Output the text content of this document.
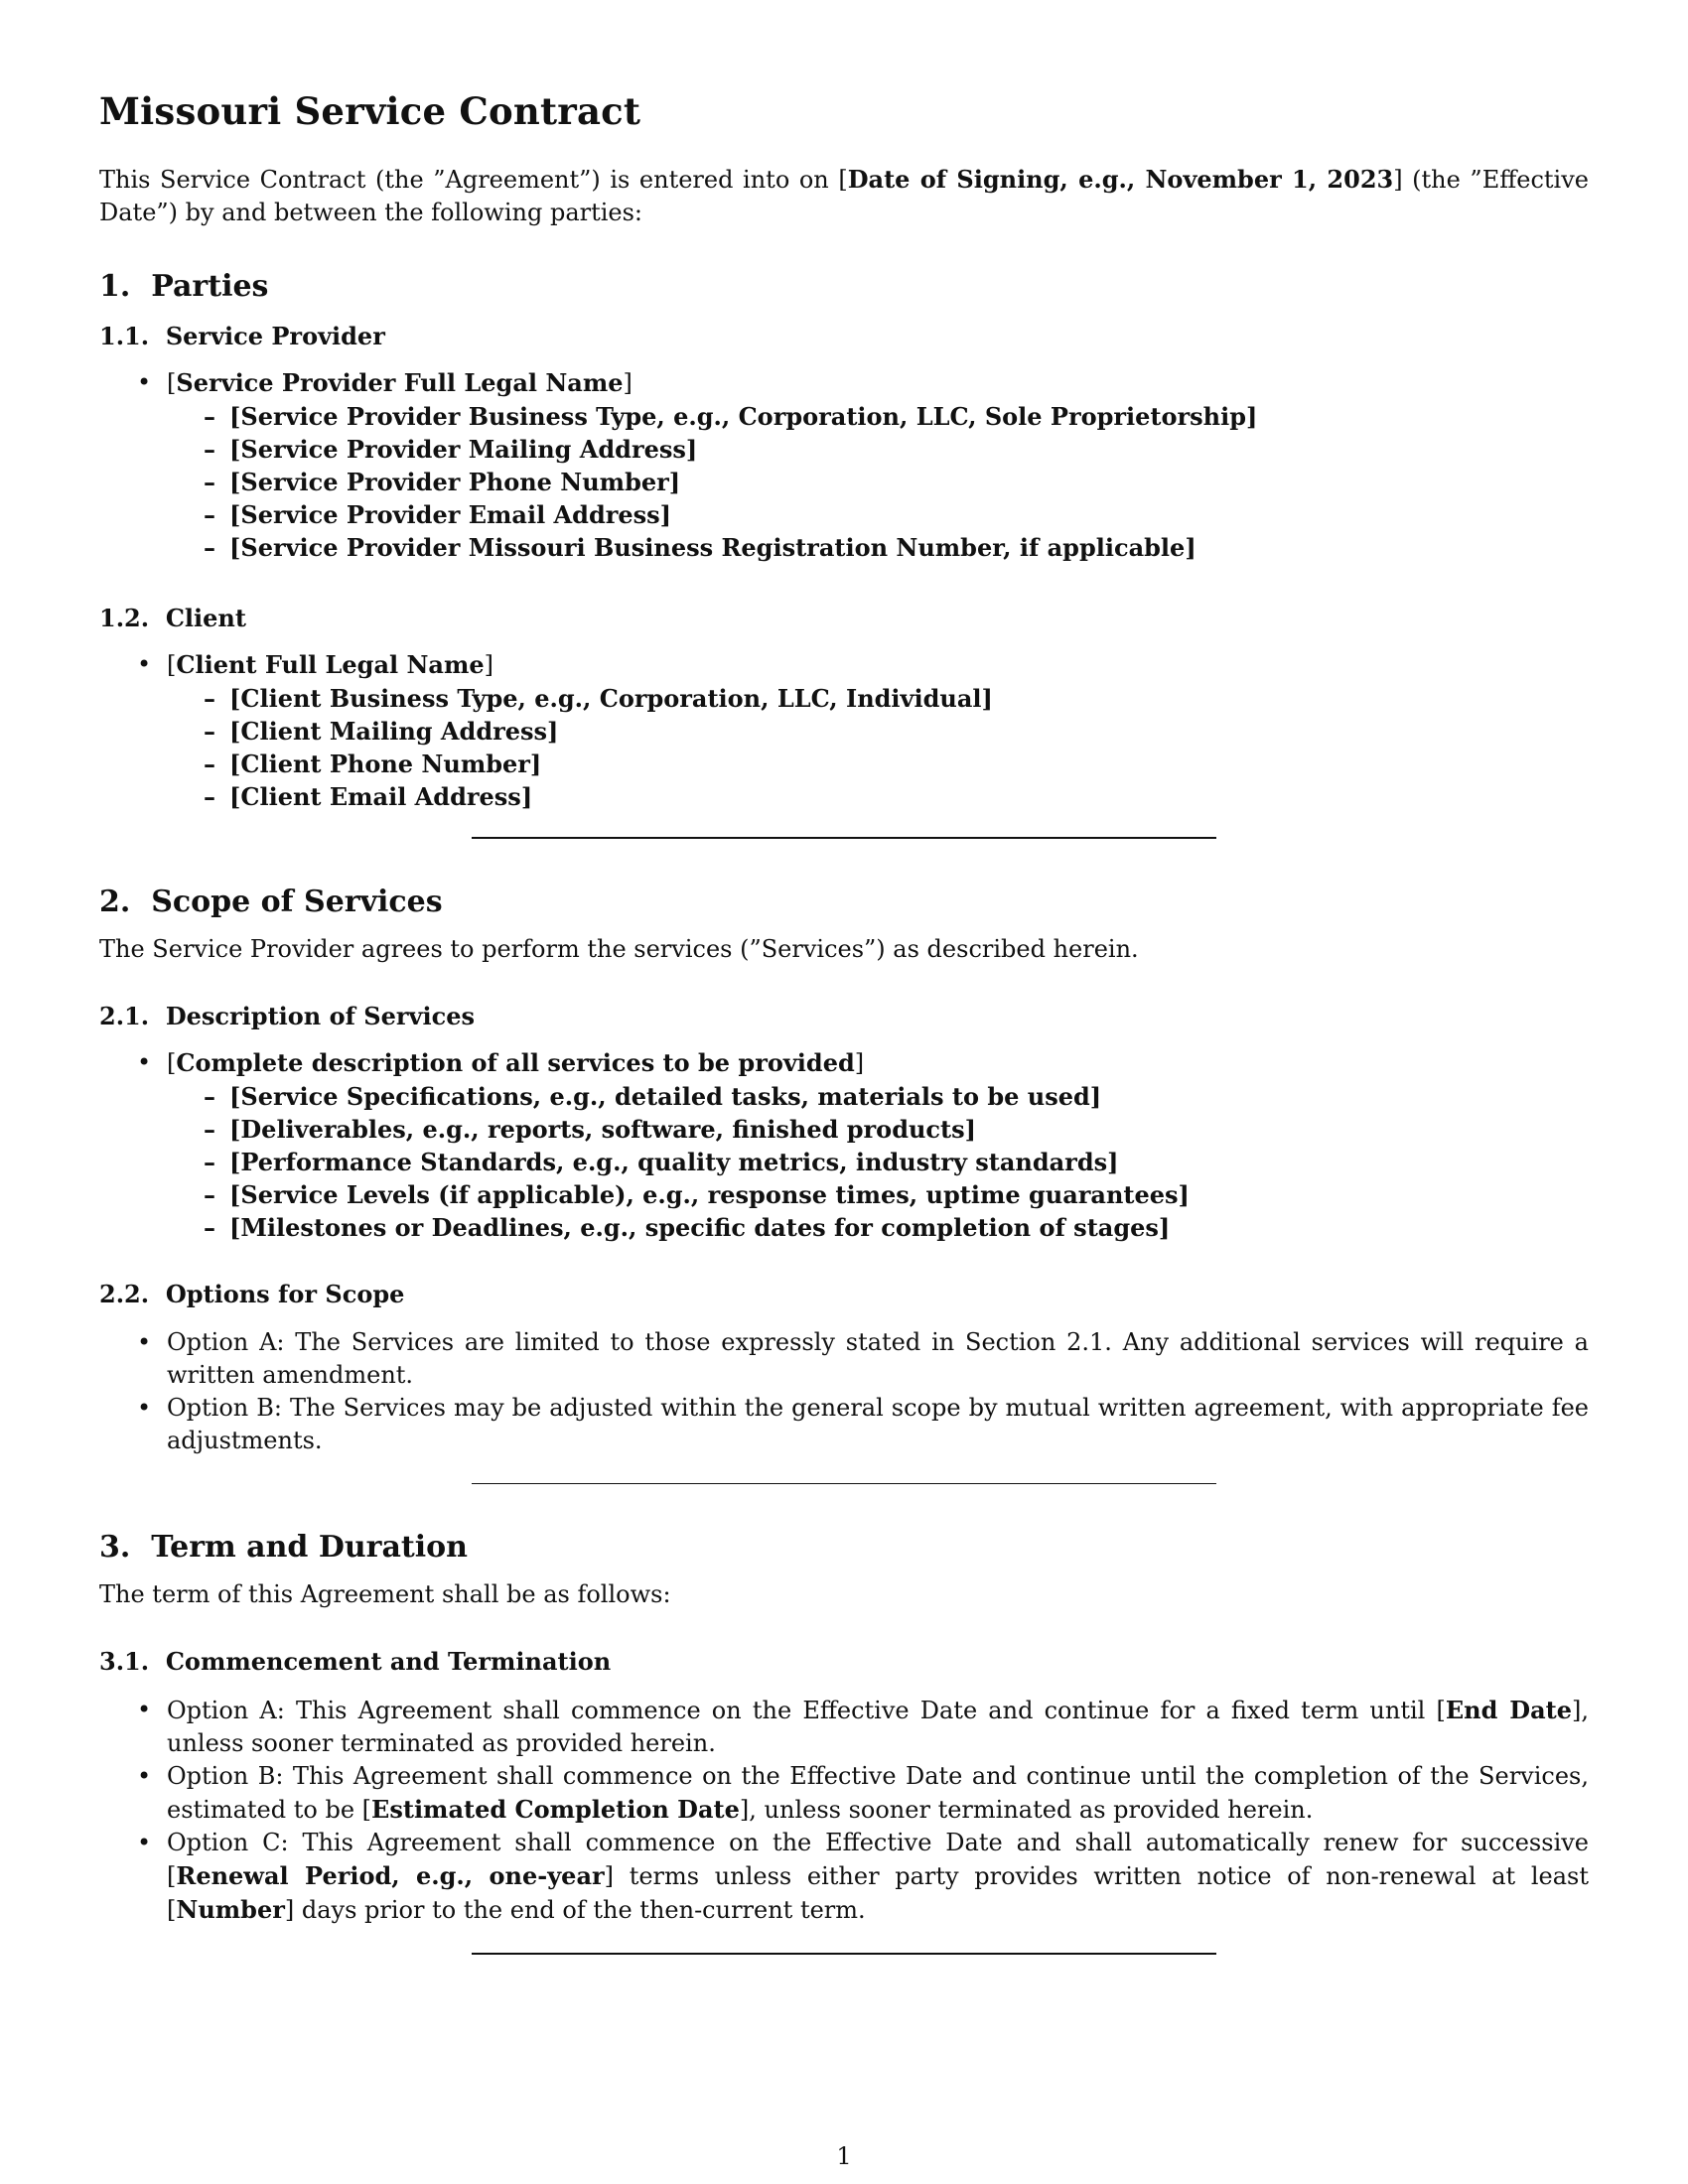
Missouri Service Contract

This Service Contract (the ”Agreement”) is entered into on [Date of Signing, e.g., November 1, 2023] (the ”Effective Date”) by and between the following parties:

1. Parties
1.1. Service Provider
• [Service Provider Full Legal Name]
– [Service Provider Business Type, e.g., Corporation, LLC, Sole Proprietorship]
– [Service Provider Mailing Address]
– [Service Provider Phone Number]
– [Service Provider Email Address]
– [Service Provider Missouri Business Registration Number, if applicable]
1.2. Client
• [Client Full Legal Name]
– [Client Business Type, e.g., Corporation, LLC, Individual]
– [Client Mailing Address]
– [Client Phone Number]
– [Client Email Address]
2. Scope of Services

The Service Provider agrees to perform the services (”Services”) as described herein.

2.1. Description of Services
• [Complete description of all services to be provided]
– [Service Specifications, e.g., detailed tasks, materials to be used]
– [Deliverables, e.g., reports, software, finished products]
– [Performance Standards, e.g., quality metrics, industry standards]
– [Service Levels (if applicable), e.g., response times, uptime guarantees]
– [Milestones or Deadlines, e.g., specific dates for completion of stages]
2.2. Options for Scope
• Option A: The Services are limited to those expressly stated in Section 2.1. Any additional services will require a written amendment.
• Option B: The Services may be adjusted within the general scope by mutual written agreement, with appropriate fee adjustments.
3. Term and Duration

The term of this Agreement shall be as follows:

3.1. Commencement and Termination
• Option A: This Agreement shall commence on the Effective Date and continue for a fixed term until [End Date], unless sooner terminated as provided herein.
• Option B: This Agreement shall commence on the Effective Date and continue until the completion of the Services, estimated to be [Estimated Completion Date], unless sooner terminated as provided herein.
• Option C: This Agreement shall commence on the Effective Date and shall automatically renew for successive [Renewal Period, e.g., one-year] terms unless either party provides written notice of non-renewal at least [Number] days prior to the end of the then-current term.
1
